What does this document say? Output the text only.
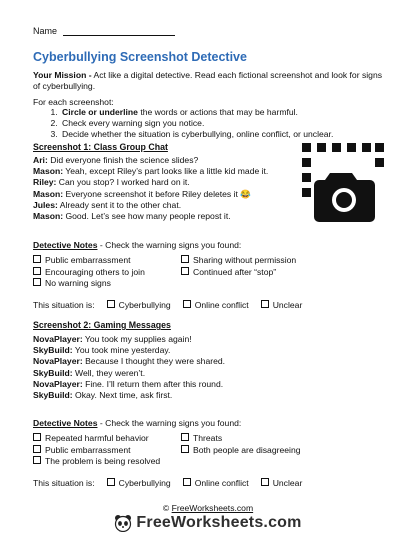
Name
Cyberbullying Screenshot Detective

Your Mission - Act like a digital detective. Read each fictional screenshot and look for signs of cyberbullying.

For each screenshot:

1. Circle or underline the words or actions that may be harmful.
2. Check every warning sign you notice.
3. Decide whether the situation is cyberbullying, online conflict, or unclear.

Screenshot 1: Class Group Chat

Ari: Did everyone finish the science slides?
Mason: Yeah, except Riley’s part looks like a little kid made it.
Riley: Can you stop? I worked hard on it.
Mason: Everyone screenshot it before Riley deletes it 😂
Jules: Already sent it to the other chat.
Mason: Good. Let’s see how many people repost it.

Detective Notes - Check the warning signs you found:

Public embarrassment	Sharing without permission
Encouraging others to join	Continued after “stop”
No warning signs
This situation is:	Cyberbullying	Online conflict	Unclear

Screenshot 2: Gaming Messages

NovaPlayer: You took my supplies again!
SkyBuild: You took mine yesterday.
NovaPlayer: Because I thought they were shared.
SkyBuild: Well, they weren’t.
NovaPlayer: Fine. I’ll return them after this round.
SkyBuild: Okay. Next time, ask first.

Detective Notes - Check the warning signs you found:

Repeated harmful behavior	Threats
Public embarrassment	Both people are disagreeing
The problem is being resolved
This situation is:	Cyberbullying	Online conflict	Unclear
© FreeWorksheets.com
FreeWorksheets.com
